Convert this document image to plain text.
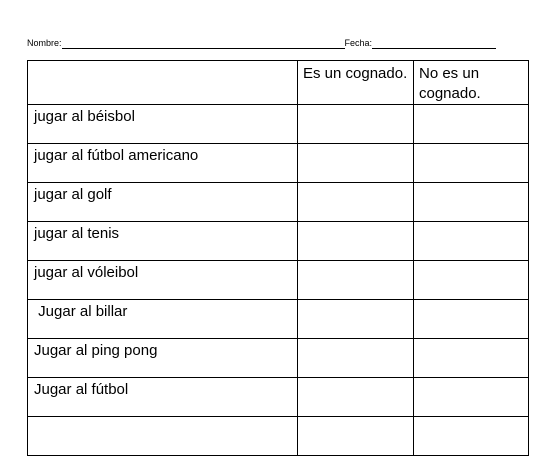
Nombre:	Fecha:

	Es un cognado.	No es un cognado.

jugar al béisbol		

jugar al fútbol americano		

jugar al golf		

jugar al tenis		

jugar al vóleibol		

Jugar al billar		

Jugar al ping pong		

Jugar al fútbol		
